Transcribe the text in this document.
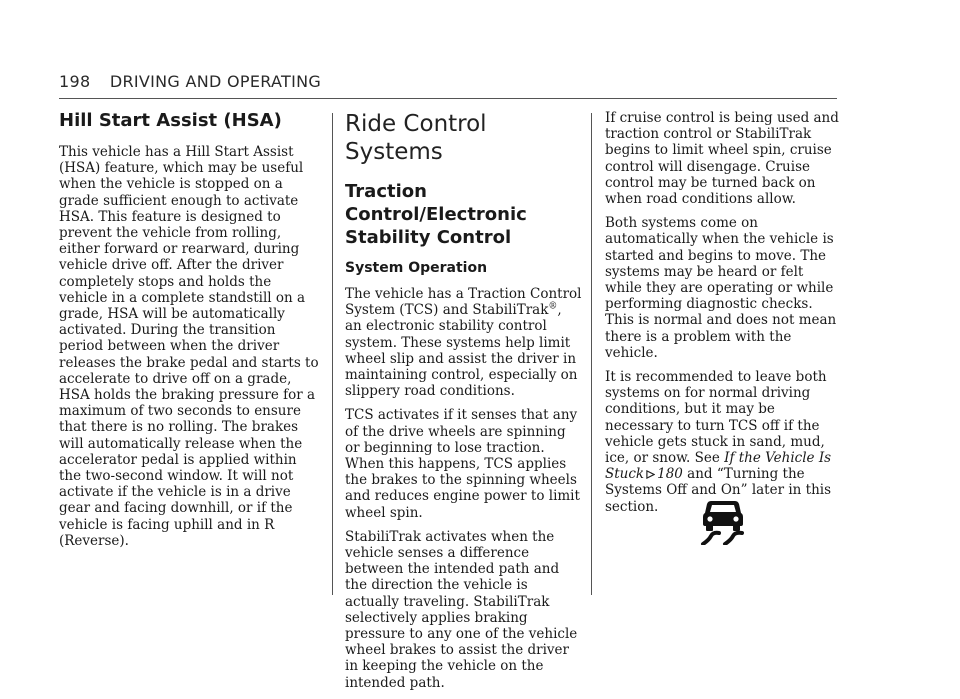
198 DRIVING AND OPERATING
Hill Start Assist (HSA)

This vehicle has a Hill Start Assist (HSA) feature, which may be useful when the vehicle is stopped on a grade sufficient enough to activate HSA. This feature is designed to prevent the vehicle from rolling, either forward or rearward, during vehicle drive off. After the driver completely stops and holds the vehicle in a complete standstill on a grade, HSA will be automatically activated. During the transition period between when the driver releases the brake pedal and starts to accelerate to drive off on a grade, HSA holds the braking pressure for a maximum of two seconds to ensure that there is no rolling. The brakes will automatically release when the accelerator pedal is applied within the two-second window. It will not activate if the vehicle is in a drive gear and facing downhill, or if the vehicle is facing uphill and in R (Reverse).

Ride Control Systems
Traction Control/Electronic Stability Control
System Operation

The vehicle has a Traction Control System (TCS) and StabiliTrak®, an electronic stability control system. These systems help limit wheel slip and assist the driver in maintaining control, especially on slippery road conditions.

TCS activates if it senses that any of the drive wheels are spinning or beginning to lose traction. When this happens, TCS applies the brakes to the spinning wheels and reduces engine power to limit wheel spin.

StabiliTrak activates when the vehicle senses a difference between the intended path and the direction the vehicle is actually traveling. StabiliTrak selectively applies braking pressure to any one of the vehicle wheel brakes to assist the driver in keeping the vehicle on the intended path.

If cruise control is being used and traction control or StabiliTrak begins to limit wheel spin, cruise control will disengage. Cruise control may be turned back on when road conditions allow.

Both systems come on automatically when the vehicle is started and begins to move. The systems may be heard or felt while they are operating or while performing diagnostic checks. This is normal and does not mean there is a problem with the vehicle.

It is recommended to leave both systems on for normal driving conditions, but it may be necessary to turn TCS off if the vehicle gets stuck in sand, mud, ice, or snow. See If the Vehicle Is Stuck 180 and “Turning the Systems Off and On” later in this section.
